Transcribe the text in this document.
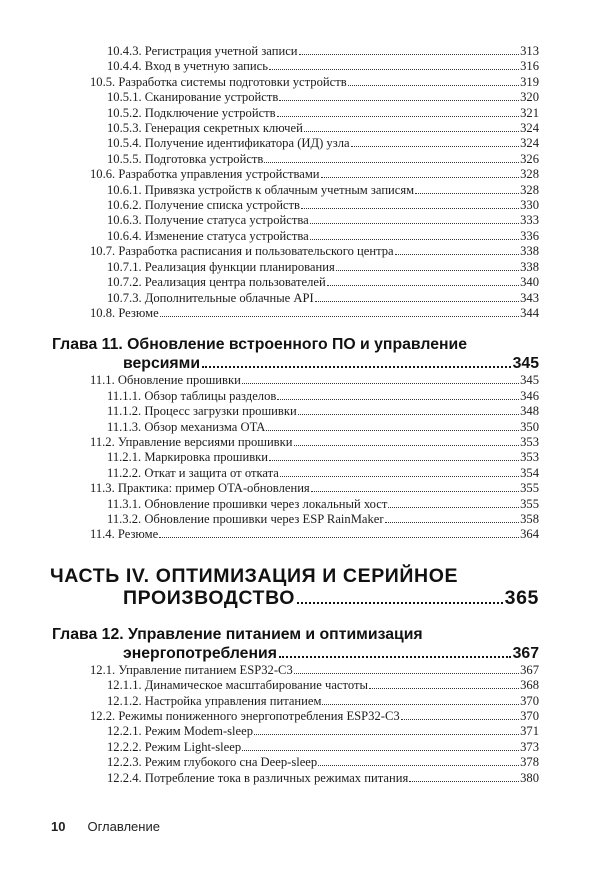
10.4.3. Регистрация учетной записи	313
10.4.4. Вход в учетную запись	316
10.5. Разработка системы подготовки устройств	319
10.5.1. Сканирование устройств	320
10.5.2. Подключение устройств	321
10.5.3. Генерация секретных ключей	324
10.5.4. Получение идентификатора (ИД) узла	324
10.5.5. Подготовка устройств	326
10.6. Разработка управления устройствами	328
10.6.1. Привязка устройств к облачным учетным записям	328
10.6.2. Получение списка устройств	330
10.6.3. Получение статуса устройства	333
10.6.4. Изменение статуса устройства	336
10.7. Разработка расписания и пользовательского центра	338
10.7.1. Реализация функции планирования	338
10.7.2. Реализация центра пользователей	340
10.7.3. Дополнительные облачные API	343
10.8. Резюме	344
Глава 11. Обновление встроенного ПО и управление
версиями	345
11.1. Обновление прошивки	345
11.1.1. Обзор таблицы разделов	346
11.1.2. Процесс загрузки прошивки	348
11.1.3. Обзор механизма OTA	350
11.2. Управление версиями прошивки	353
11.2.1. Маркировка прошивки	353
11.2.2. Откат и защита от отката	354
11.3. Практика: пример OTA-обновления	355
11.3.1. Обновление прошивки через локальный хост	355
11.3.2. Обновление прошивки через ESP RainMaker	358
11.4. Резюме	364
ЧАСТЬ IV. ОПТИМИЗАЦИЯ И СЕРИЙНОЕ
ПРОИЗВОДСТВО	365
Глава 12. Управление питанием и оптимизация
энергопотребления	367
12.1. Управление питанием ESP32-C3	367
12.1.1. Динамическое масштабирование частоты	368
12.1.2. Настройка управления питанием	370
12.2. Режимы пониженного энергопотребления ESP32-C3	370
12.2.1. Режим Modem-sleep	371
12.2.2. Режим Light-sleep	373
12.2.3. Режим глубокого сна Deep-sleep	378
12.2.4. Потребление тока в различных режимах питания	380
10 Оглавление
